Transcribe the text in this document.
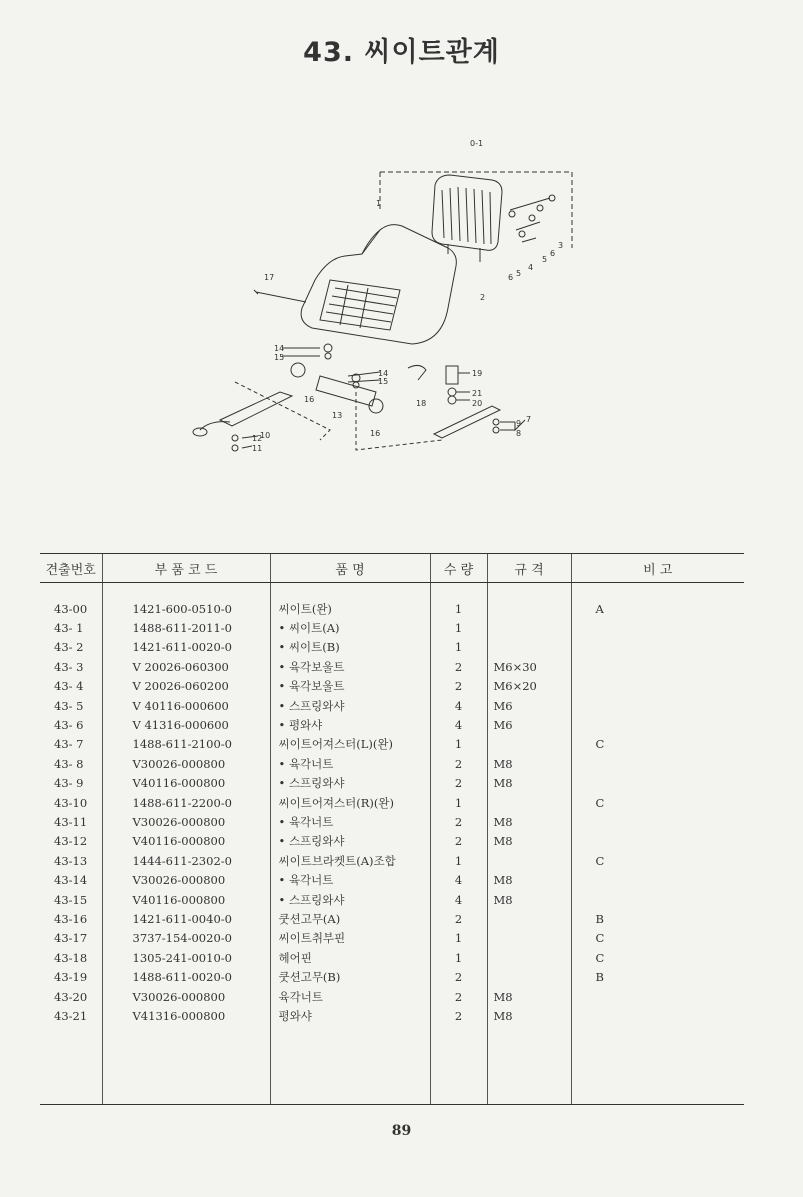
43. 씨이트관계
0-1
1
2
3
4
5
5
6
6
17
14
15
14
15
16
13
16
18
19
21
20
7
9
8
10
12
11
견출번호	부 품 코 드	품 명	수 량	규 격	비 고
43-00	1421-600-0510-0	씨이트(완)	1		A
43- 1	1488-611-2011-0	• 씨이트(A)	1		
43- 2	1421-611-0020-0	• 씨이트(B)	1		
43- 3	V 20026-060300	• 육각보울트	2	M6×30	
43- 4	V 20026-060200	• 육각보울트	2	M6×20	
43- 5	V 40116-000600	• 스프링와샤	4	M6	
43- 6	V 41316-000600	• 평와샤	4	M6	
43- 7	1488-611-2100-0	씨이트어져스터(L)(완)	1		C
43- 8	V30026-000800	• 육각너트	2	M8	
43- 9	V40116-000800	• 스프링와샤	2	M8	
43-10	1488-611-2200-0	씨이트어져스터(R)(완)	1		C
43-11	V30026-000800	• 육각너트	2	M8	
43-12	V40116-000800	• 스프링와샤	2	M8	
43-13	1444-611-2302-0	씨이트브라켓트(A)조합	1		C
43-14	V30026-000800	• 육각너트	4	M8	
43-15	V40116-000800	• 스프링와샤	4	M8	
43-16	1421-611-0040-0	쿳션고무(A)	2		B
43-17	3737-154-0020-0	씨이트취부핀	1		C
43-18	1305-241-0010-0	헤어핀	1		C
43-19	1488-611-0020-0	쿳션고무(B)	2		B
43-20	V30026-000800	육각너트	2	M8	
43-21	V41316-000800	평와샤	2	M8	

89
